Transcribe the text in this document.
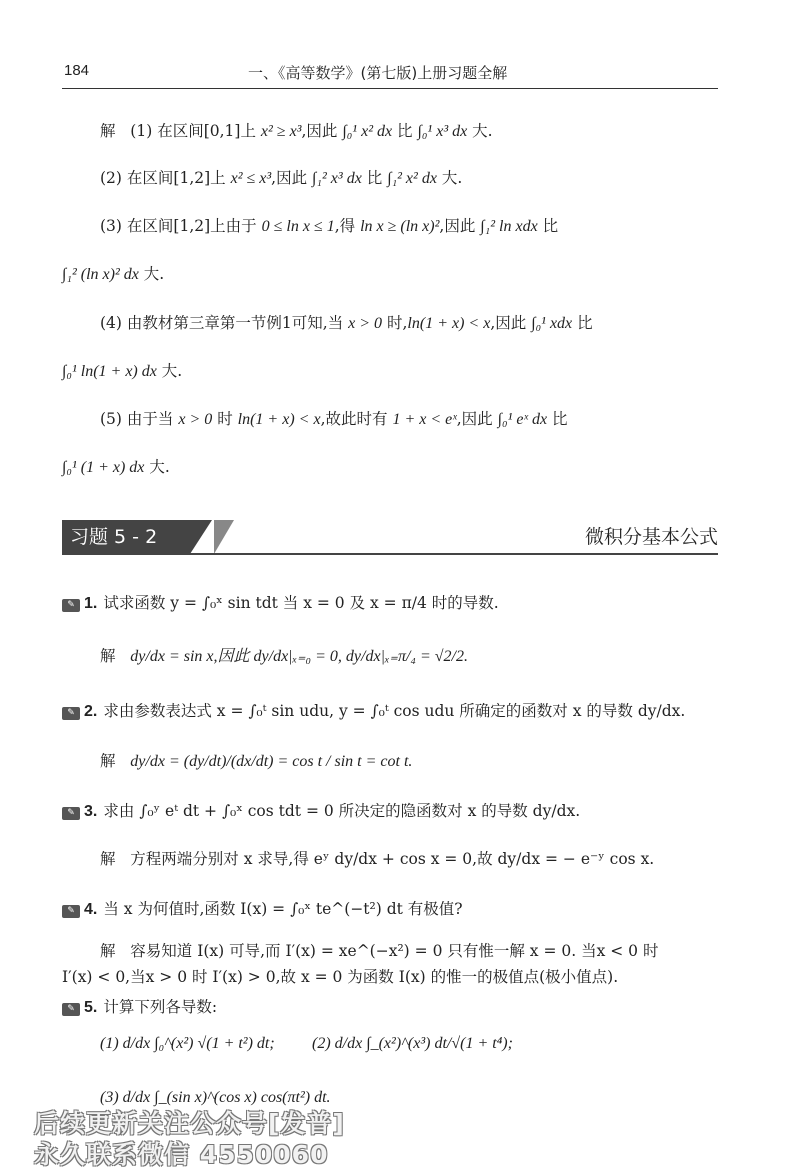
184	一、《高等数学》(第七版)上册习题全解
解 (1) 在区间[0,1]上 x² ≥ x³,因此 ∫₀¹ x² dx 比 ∫₀¹ x³ dx 大.
(2) 在区间[1,2]上 x² ≤ x³,因此 ∫₁² x³ dx 比 ∫₁² x² dx 大.
(3) 在区间[1,2]上由于 0 ≤ ln x ≤ 1,得 ln x ≥ (ln x)²,因此 ∫₁² ln xdx 比
∫₁² (ln x)² dx 大.
(4) 由教材第三章第一节例1可知,当 x > 0 时,ln(1 + x) < x,因此 ∫₀¹ xdx 比
∫₀¹ ln(1 + x) dx 大.
(5) 由于当 x > 0 时 ln(1 + x) < x,故此时有 1 + x < eˣ,因此 ∫₀¹ eˣ dx 比
∫₀¹ (1 + x) dx 大.
习题 5 - 2	微积分基本公式
✎ 1. 试求函数 y = ∫₀ˣ sin tdt 当 x = 0 及 x = π/4 时的导数.
解 dy/dx = sin x,因此 dy/dx|ₓ₌₀ = 0, dy/dx|ₓ₌π/₄ = √2/2.
✎ 2. 求由参数表达式 x = ∫₀ᵗ sin udu, y = ∫₀ᵗ cos udu 所确定的函数对 x 的导数 dy/dx.
解 dy/dx = (dy/dt)/(dx/dt) = cos t / sin t = cot t.
✎ 3. 求由 ∫₀ʸ eᵗ dt + ∫₀ˣ cos tdt = 0 所决定的隐函数对 x 的导数 dy/dx.
解 方程两端分别对 x 求导,得 eʸ dy/dx + cos x = 0,故 dy/dx = − e⁻ʸ cos x.
✎ 4. 当 x 为何值时,函数 I(x) = ∫₀ˣ te^(−t²) dt 有极值?
解 容易知道 I(x) 可导,而 I′(x) = xe^(−x²) = 0 只有惟一解 x = 0. 当x < 0 时
I′(x) < 0,当x > 0 时 I′(x) > 0,故 x = 0 为函数 I(x) 的惟一的极值点(极小值点).
✎ 5. 计算下列各导数:
(1) d/dx ∫₀^(x²) √(1 + t²) dt; (2) d/dx ∫_(x²)^(x³) dt/√(1 + t⁴);
(3) d/dx ∫_(sin x)^(cos x) cos(πt²) dt.
后续更新关注公众号[发普]
永久联系微信 4550060
